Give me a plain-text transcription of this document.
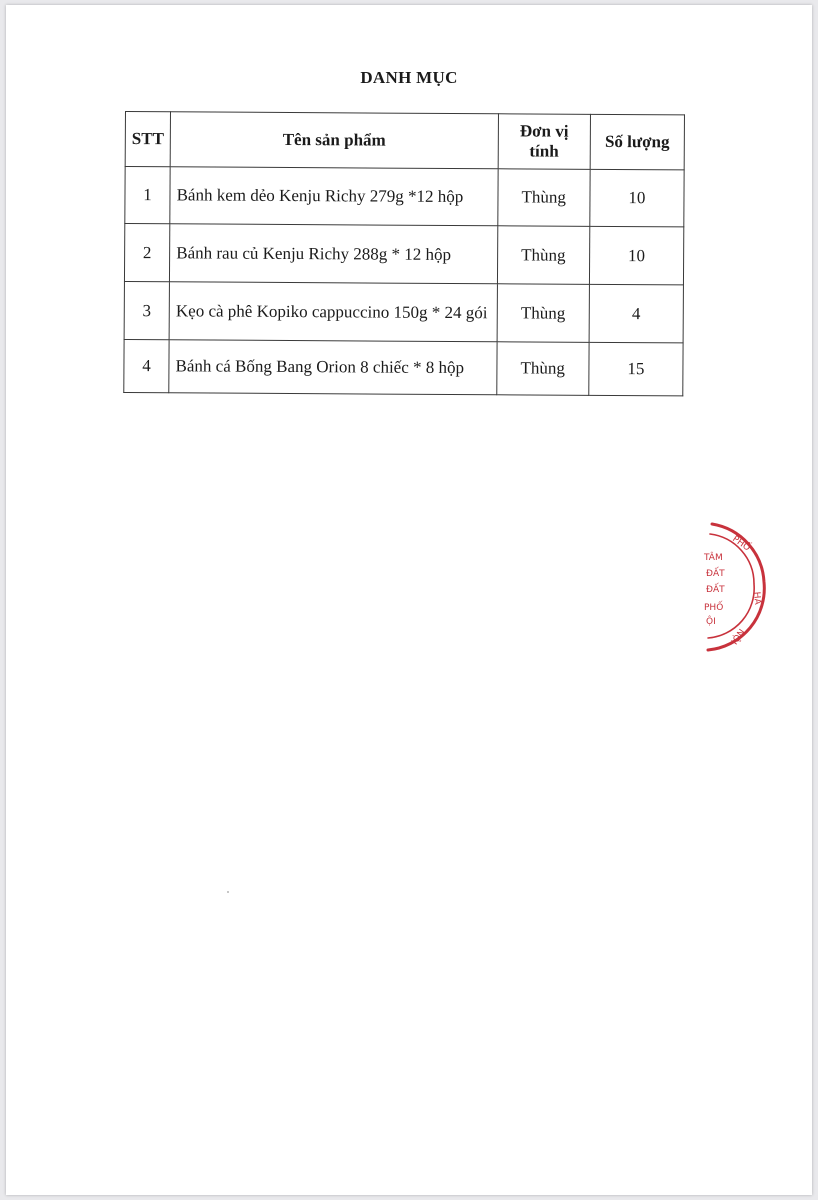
DANH MỤC
STT	Tên sản phẩm	Đơn vị tính	Số lượng
1	Bánh kem dẻo Kenju Richy 279g *12 hộp	Thùng	10
2	Bánh rau củ Kenju Richy 288g * 12 hộp	Thùng	10
3	Kẹo cà phê Kopiko cappuccino 150g * 24 gói	Thùng	4
4	Bánh cá Bống Bang Orion 8 chiếc * 8 hộp	Thùng	15
PHỐ
HÀ
NỘI
TÂM
ĐẤT
ĐẤT
PHỐ
ỘI
